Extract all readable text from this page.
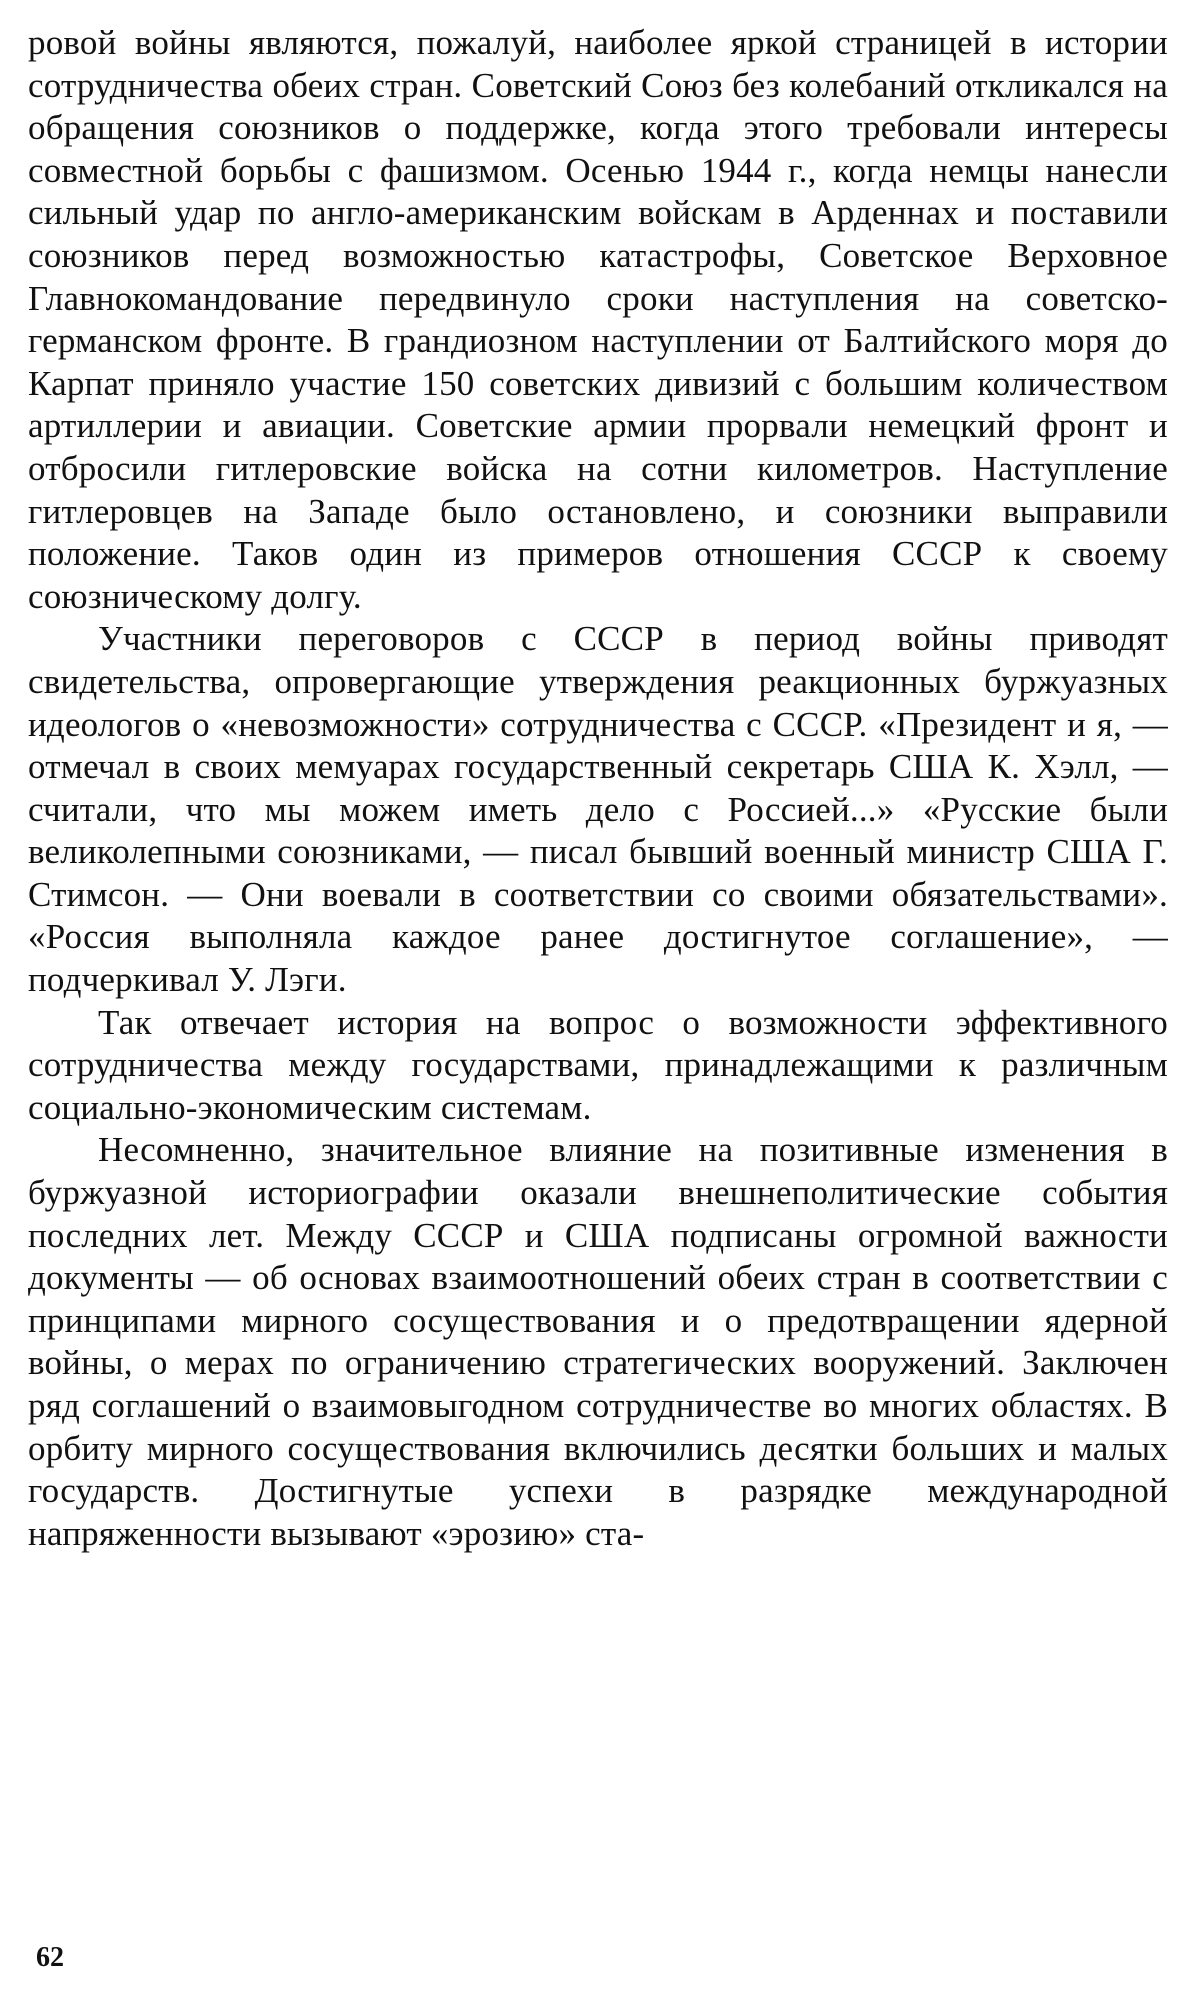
ровой войны являются, пожалуй, наиболее яркой страницей в истории сотрудничества обеих стран. Советский Союз без колебаний откликался на обращения союзников о поддержке, когда этого требовали интересы совместной борьбы с фашизмом. Осенью 1944 г., когда немцы нанесли сильный удар по англо-американским войскам в Арденнах и поставили союзников перед возможностью катастрофы, Советское Верховное Главнокомандование передвинуло сроки наступления на советско-германском фронте. В грандиозном наступлении от Балтийского моря до Карпат приняло участие 150 советских дивизий с большим количеством артиллерии и авиации. Советские армии прорвали немецкий фронт и отбросили гитлеровские войска на сотни километров. Наступление гитлеровцев на Западе было остановлено, и союзники выправили положение. Таков один из примеров отношения СССР к своему союзническому долгу.

Участники переговоров с СССР в период войны приводят свидетельства, опровергающие утверждения реакционных буржуазных идеологов о «невозможности» сотрудничества с СССР. «Президент и я, — отмечал в своих мемуарах государственный секретарь США К. Хэлл, — считали, что мы можем иметь дело с Россией...» «Русские были великолепными союзниками, — писал бывший военный министр США Г. Стимсон. — Они воевали в соответствии со своими обязательствами». «Россия выполняла каждое ранее достигнутое соглашение», — подчеркивал У. Лэги.

Так отвечает история на вопрос о возможности эффективного сотрудничества между государствами, принадлежащими к различным социально-экономическим системам.

Несомненно, значительное влияние на позитивные изменения в буржуазной историографии оказали внешнеполитические события последних лет. Между СССР и США подписаны огромной важности документы — об основах взаимоотношений обеих стран в соответствии с принципами мирного сосуществования и о предотвращении ядерной войны, о мерах по ограничению стратегических вооружений. Заключен ряд соглашений о взаимовыгодном сотрудничестве во многих областях. В орбиту мирного сосуществования включились десятки больших и малых государств. Достигнутые успехи в разрядке международной напряженности вызывают «эрозию» ста-

62
